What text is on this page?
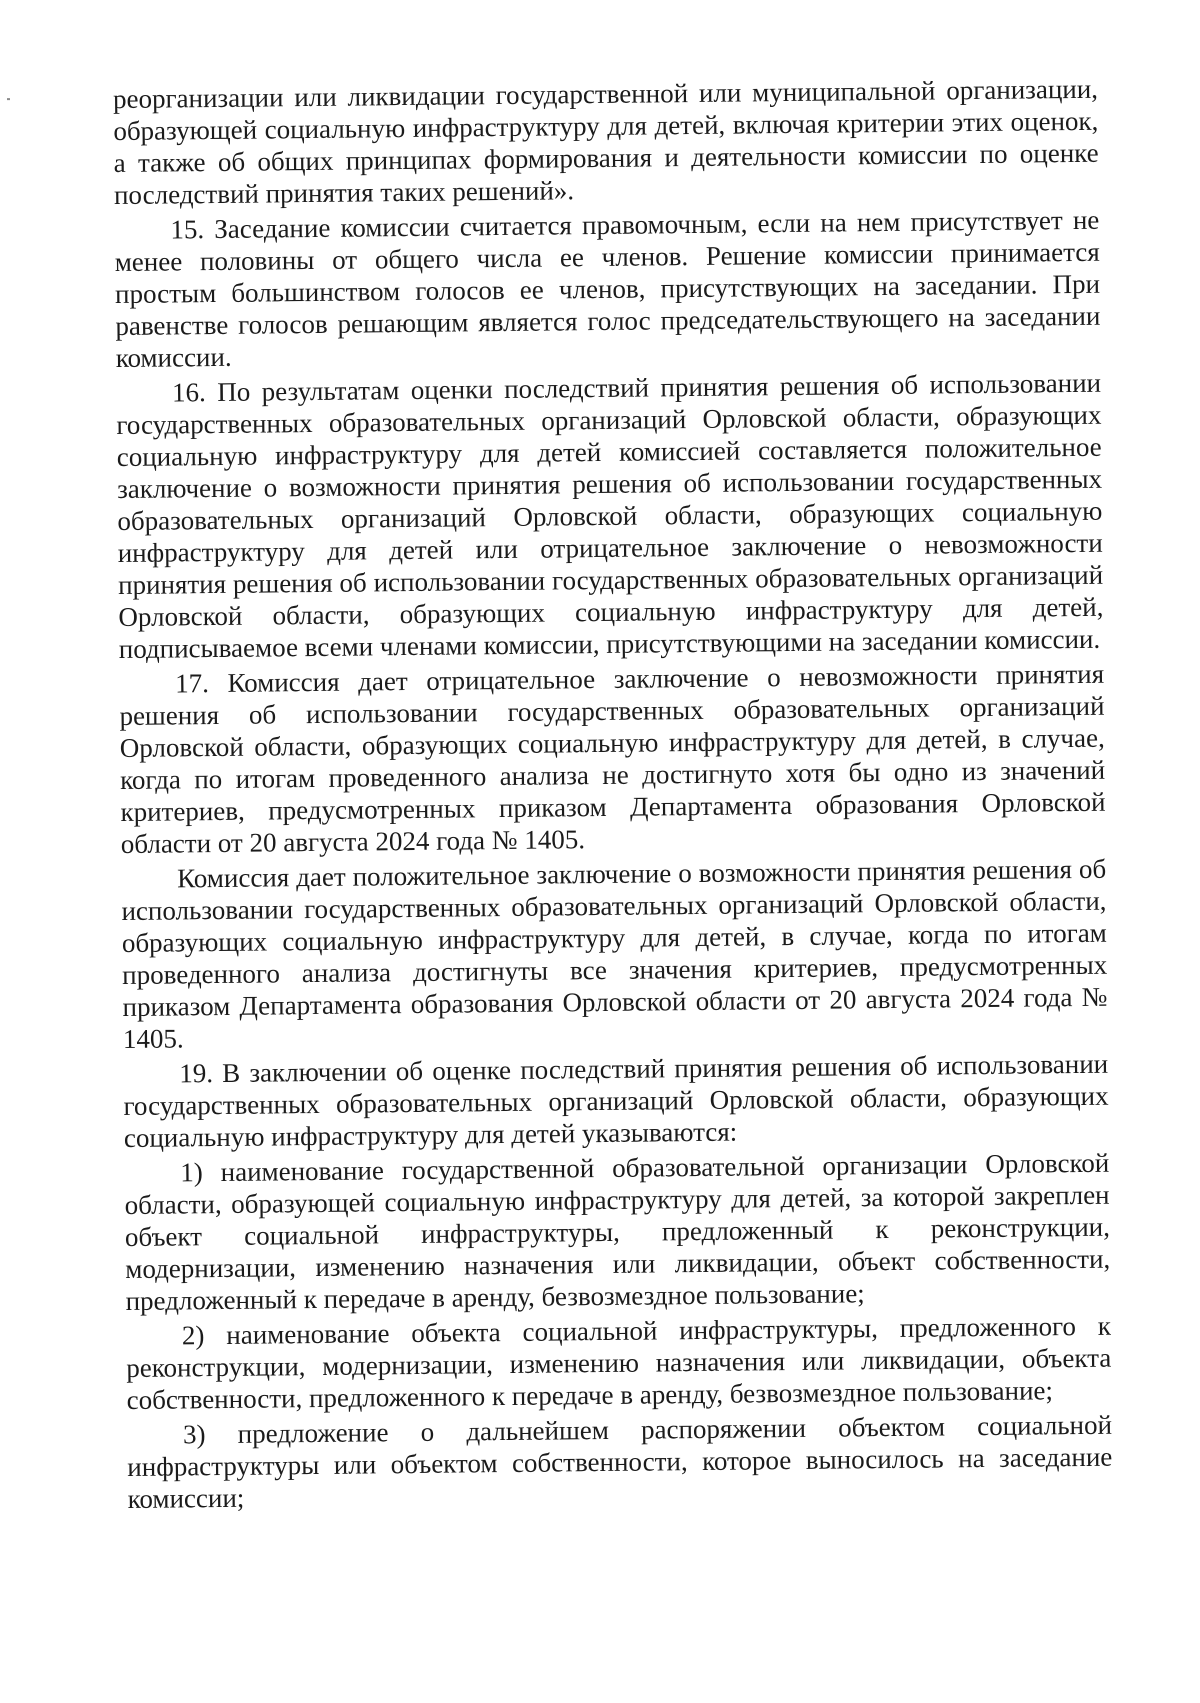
реорганизации или ликвидации государственной или муниципальной организации, образующей социальную инфраструктуру для детей, включая критерии этих оценок, а также об общих принципах формирования и деятельности комиссии по оценке последствий принятия таких решений».

15. Заседание комиссии считается правомочным, если на нем присутствует не менее половины от общего числа ее членов. Решение комиссии принимается простым большинством голосов ее членов, присутствующих на заседании. При равенстве голосов решающим является голос председательствующего на заседании комиссии.

16. По результатам оценки последствий принятия решения об использовании государственных образовательных организаций Орловской области, образующих социальную инфраструктуру для детей комиссией составляется положительное заключение о возможности принятия решения об использовании государственных образовательных организаций Орловской области, образующих социальную инфраструктуру для детей или отрицательное заключение о невозможности принятия решения об использовании государственных образовательных организаций Орловской области, образующих социальную инфраструктуру для детей, подписываемое всеми членами комиссии, присутствующими на заседании комиссии.

17. Комиссия дает отрицательное заключение о невозможности принятия решения об использовании государственных образовательных организаций Орловской области, образующих социальную инфраструктуру для детей, в случае, когда по итогам проведенного анализа не достигнуто хотя бы одно из значений критериев, предусмотренных приказом Департамента образования Орловской области от 20 августа 2024 года № 1405.

Комиссия дает положительное заключение о возможности принятия решения об использовании государственных образовательных организаций Орловской области, образующих социальную инфраструктуру для детей, в случае, когда по итогам проведенного анализа достигнуты все значения критериев, предусмотренных приказом Департамента образования Орловской области от 20 августа 2024 года № 1405.

19. В заключении об оценке последствий принятия решения об использовании государственных образовательных организаций Орловской области, образующих социальную инфраструктуру для детей указываются:

1) наименование государственной образовательной организации Орловской области, образующей социальную инфраструктуру для детей, за которой закреплен объект социальной инфраструктуры, предложенный к реконструкции, модернизации, изменению назначения или ликвидации, объект собственности, предложенный к передаче в аренду, безвозмездное пользование;

2) наименование объекта социальной инфраструктуры, предложенного к реконструкции, модернизации, изменению назначения или ликвидации, объекта собственности, предложенного к передаче в аренду, безвозмездное пользование;

3) предложение о дальнейшем распоряжении объектом социальной инфраструктуры или объектом собственности, которое выносилось на заседание комиссии;
